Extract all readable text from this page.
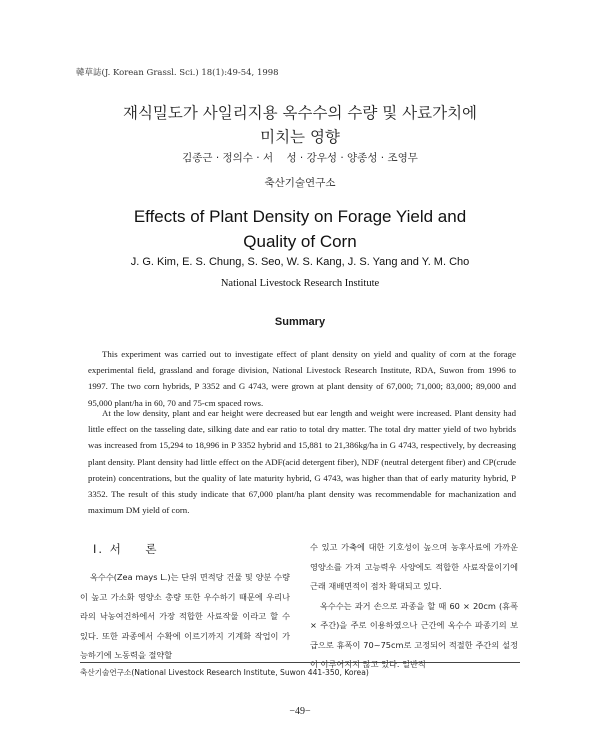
韓草誌(J. Korean Grassl. Sci.) 18(1):49-54, 1998
재식밀도가 사일리지용 옥수수의 수량 및 사료가치에
미치는 영향
김종근 · 정의수 · 서    성 · 강우성 · 양종성 · 조영무
축산기술연구소
Effects of Plant Density on Forage Yield and
Quality of Corn
J. G. Kim, E. S. Chung, S. Seo, W. S. Kang, J. S. Yang and Y. M. Cho
National Livestock Research Institute
Summary

This experiment was carried out to investigate effect of plant density on yield and quality of corn at the forage experimental field, grassland and forage division, National Livestock Research Institute, RDA, Suwon from 1996 to 1997. The two corn hybrids, P 3352 and G 4743, were grown at plant density of 67,000; 71,000; 83,000; 89,000 and 95,000 plant/ha in 60, 70 and 75-cm spaced rows.

At the low density, plant and ear height were decreased but ear length and weight were increased. Plant density had little effect on the tasseling date, silking date and ear ratio to total dry matter. The total dry matter yield of two hybrids was increased from 15,294 to 18,996 in P 3352 hybrid and 15,881 to 21,386kg/ha in G 4743, respectively, by decreasing plant density. Plant density had little effect on the ADF(acid detergent fiber), NDF (neutral detergent fiber) and CP(crude protein) concentrations, but the quality of late maturity hybrid, G 4743, was higher than that of early maturity hybrid, P 3352. The result of this study indicate that 67,000 plant/ha plant density was recommendable for machanization and maximum DM yield of corn.

Ⅰ. 서    론

옥수수(Zea mays L.)는 단위 면적당 건물 및 양분 수량이 높고 가소화 영양소 총량 또한 우수하기 때문에 우리나라의 낙농여건하에서 가장 적합한 사료작물 이라고 할 수 있다. 또한 과종에서 수확에 이르기까지 기계화 작업이 가능하기에 노동력을 절약할

수 있고 가축에 대한 기호성이 높으며 농후사료에 가까운 영양소를 가져 고능력우 사양에도 적합한 사료작물이기에 근래 재배면적이 점차 확대되고 있다.
옥수수는 과거 손으로 과종을 할 때 60 × 20cm (휴폭 × 주간)을 주로 이용하였으나 근간에 옥수수 파종기의 보급으로 휴폭이 70~75cm로 고정되어 적절한 주간의 설정이 이루어지지 않고 있다. 일반적
축산기술연구소(National Livestock Research Institute, Suwon 441-350, Korea)
−49−
